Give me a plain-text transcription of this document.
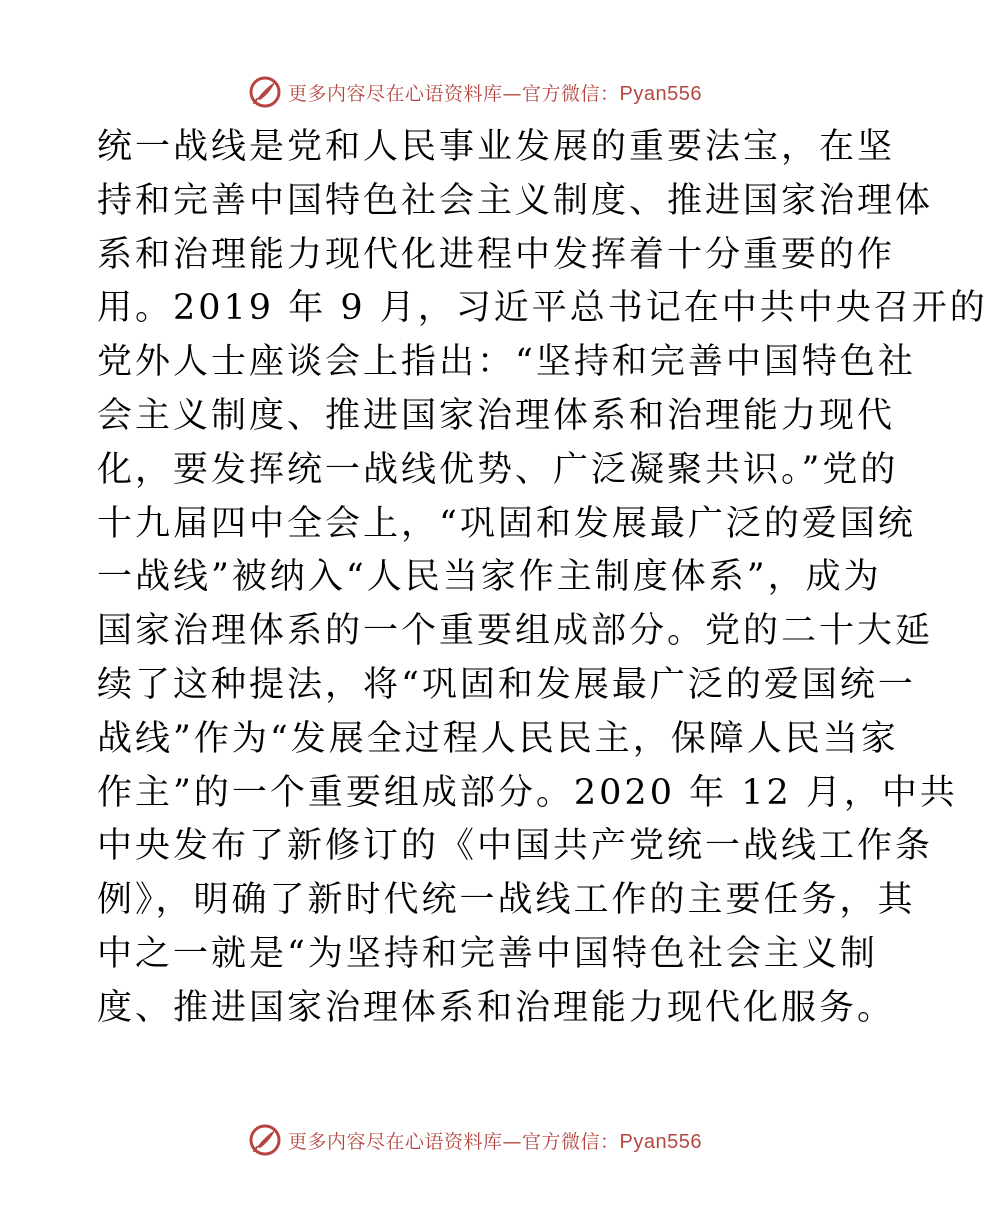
更多内容尽在心语资料库—官方微信：Pyan556
统一战线是党和人民事业发展的重要法宝，在坚
持和完善中国特色社会主义制度、推进国家治理体
系和治理能力现代化进程中发挥着十分重要的作
用。2019 年 9 月，习近平总书记在中共中央召开的
党外人士座谈会上指出：“坚持和完善中国特色社
会主义制度、推进国家治理体系和治理能力现代
化，要发挥统一战线优势、广泛凝聚共识。”党的
十九届四中全会上，“巩固和发展最广泛的爱国统
一战线”被纳入“人民当家作主制度体系”，成为
国家治理体系的一个重要组成部分。党的二十大延
续了这种提法，将“巩固和发展最广泛的爱国统一
战线”作为“发展全过程人民民主，保障人民当家
作主”的一个重要组成部分。2020 年 12 月，中共
中央发布了新修订的《中国共产党统一战线工作条
例》，明确了新时代统一战线工作的主要任务，其
中之一就是“为坚持和完善中国特色社会主义制
度、推进国家治理体系和治理能力现代化服务。
更多内容尽在心语资料库—官方微信：Pyan556
